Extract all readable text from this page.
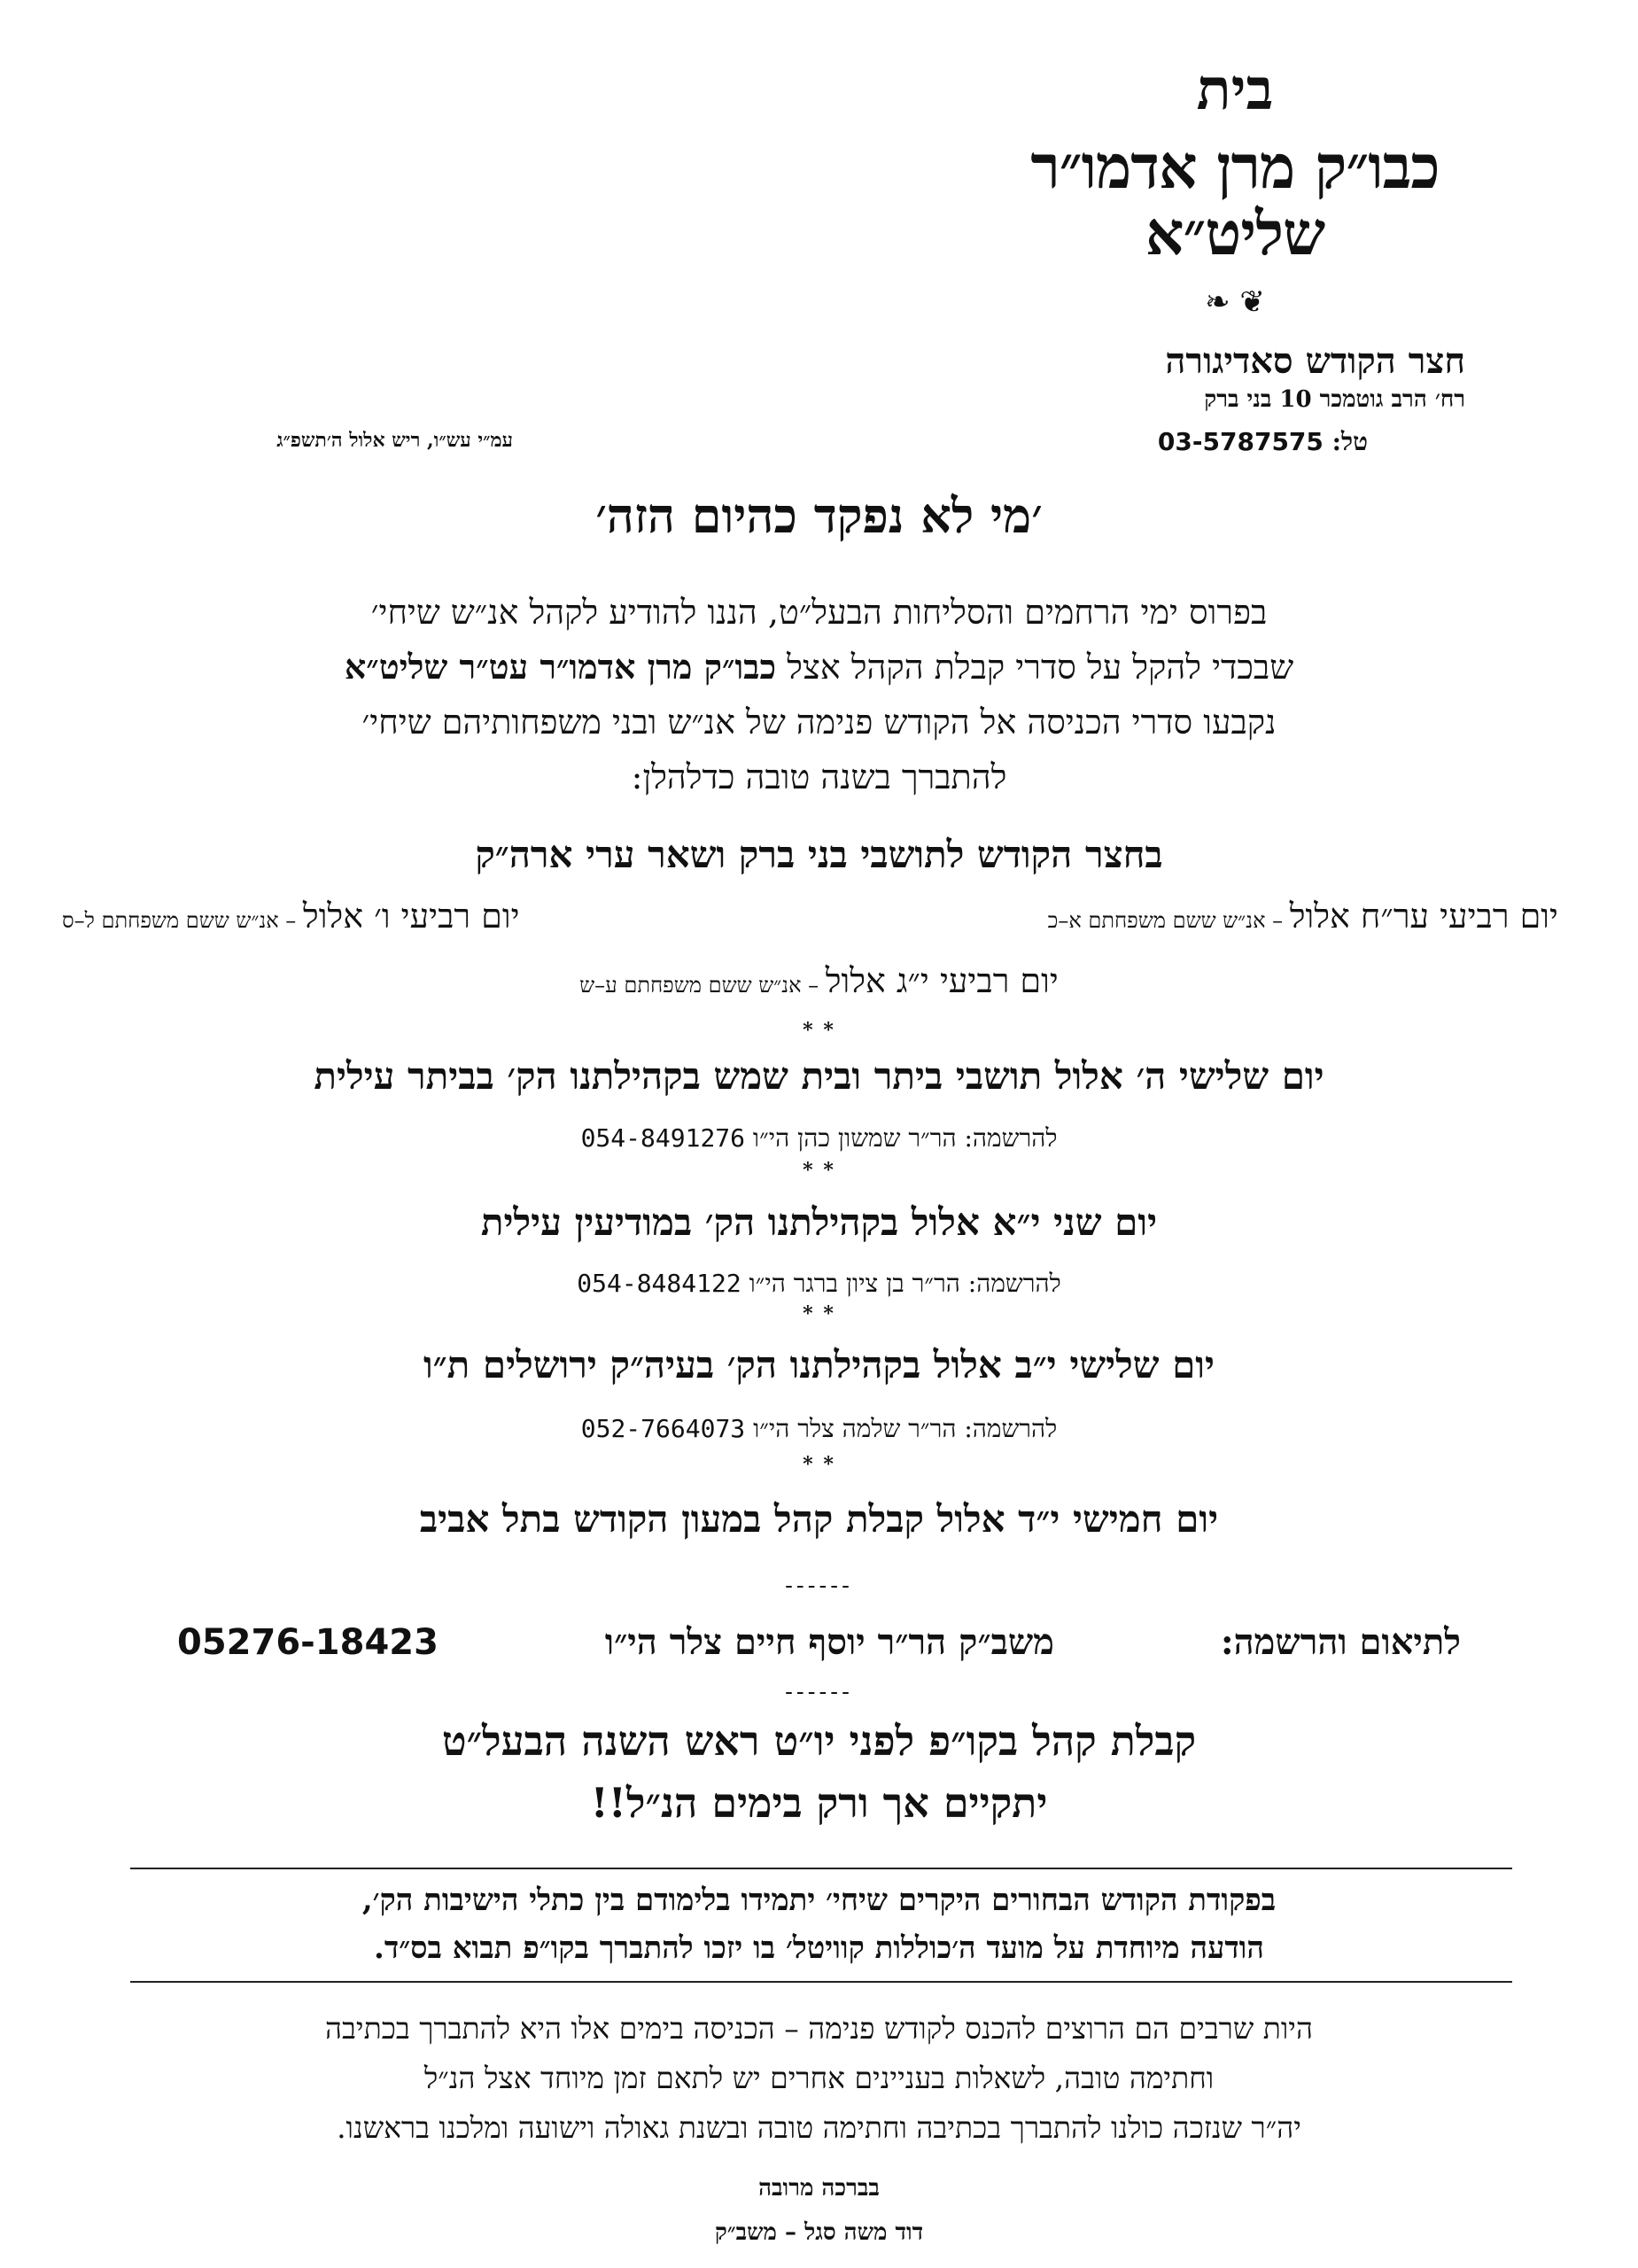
בית

כבו״ק מרן אדמו״ר שליט״א

❦ ❧

חצר הקודש סאדיגורה

רח׳ הרב גוטמכר 10 בני ברק

טל: 03-5787575

עמ״י עש״ו, ריש אלול ה׳תשפ״ג
׳מי לא נפקד כהיום הזה׳

בפרוס ימי הרחמים והסליחות הבעל״ט, הננו להודיע לקהל אנ״ש שיחי׳

שבכדי להקל על סדרי קבלת הקהל אצל כבו״ק מרן אדמו״ר עט״ר שליט״א

נקבעו סדרי הכניסה אל הקודש פנימה של אנ״ש ובני משפחותיהם שיחי׳

להתברך בשנה טובה כדלהלן:

בחצר הקודש לתושבי בני ברק ושאר ערי ארה״ק
יום רביעי ער״ח אלול – אנ״ש ששם משפחתם א–כ
יום רביעי ו׳ אלול – אנ״ש ששם משפחתם ל–ס
יום רביעי י״ג אלול – אנ״ש ששם משפחתם ע–ש
* *
יום שלישי ה׳ אלול תושבי ביתר ובית שמש בקהילתנו הק׳ בביתר עילית
להרשמה: הר״ר שמשון כהן הי״ו 054-8491276
* *
יום שני י״א אלול בקהילתנו הק׳ במודיעין עילית
להרשמה: הר״ר בן ציון ברגר הי״ו 054-8484122
* *
יום שלישי י״ב אלול בקהילתנו הק׳ בעיה״ק ירושלים ת״ו
להרשמה: הר״ר שלמה צלר הי״ו 052-7664073
* *
יום חמישי י״ד אלול קבלת קהל במעון הקודש בתל אביב
------
לתיאום והרשמה:
משב״ק הר״ר יוסף חיים צלר הי״ו
05276-18423
------

קבלת קהל בקו״פ לפני יו״ט ראש השנה הבעל״ט

יתקיים אך ורק בימים הנ״ל!!

בפקודת הקודש הבחורים היקרים שיחי׳ יתמידו בלימודם בין כתלי הישיבות הק׳,

הודעה מיוחדת על מועד ה׳כוללות קוויטל׳ בו יזכו להתברך בקו״פ תבוא בס״ד.

היות שרבים הם הרוצים להכנס לקודש פנימה – הכניסה בימים אלו היא להתברך בכתיבה

וחתימה טובה, לשאלות בעניינים אחרים יש לתאם זמן מיוחד אצל הנ״ל

יה״ר שנזכה כולנו להתברך בכתיבה וחתימה טובה ובשנת גאולה וישועה ומלכנו בראשנו.

בברכה מרובה
דוד משה סגל – משב״ק
